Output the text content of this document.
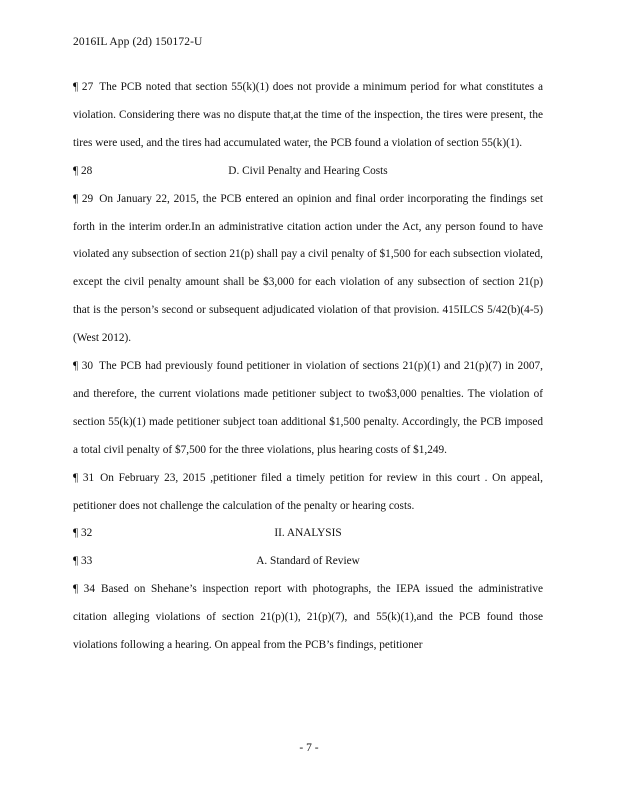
2016IL App (2d) 150172-U

¶ 27 The PCB noted that section 55(k)(1) does not provide a minimum period for what constitutes a violation. Considering there was no dispute that,at the time of the inspection, the tires were present, the tires were used, and the tires had accumulated water, the PCB found a violation of section 55(k)(1).

¶ 28	D. Civil Penalty and Hearing Costs

¶ 29 On January 22, 2015, the PCB entered an opinion and final order incorporating the findings set forth in the interim order.In an administrative citation action under the Act, any person found to have violated any subsection of section 21(p) shall pay a civil penalty of $1,500 for each subsection violated, except the civil penalty amount shall be $3,000 for each violation of any subsection of section 21(p) that is the person’s second or subsequent adjudicated violation of that provision. 415ILCS 5/42(b)(4-5) (West 2012).

¶ 30 The PCB had previously found petitioner in violation of sections 21(p)(1) and 21(p)(7) in 2007, and therefore, the current violations made petitioner subject to two$3,000 penalties. The violation of section 55(k)(1) made petitioner subject toan additional $1,500 penalty. Accordingly, the PCB imposed a total civil penalty of $7,500 for the three violations, plus hearing costs of $1,249.

¶ 31 On February 23, 2015 ,petitioner filed a timely petition for review in this court . On appeal, petitioner does not challenge the calculation of the penalty or hearing costs.

¶ 32	II. ANALYSIS
¶ 33	A. Standard of Review

¶ 34 Based on Shehane’s inspection report with photographs, the IEPA issued the administrative citation alleging violations of section 21(p)(1), 21(p)(7), and 55(k)(1),and the PCB found those violations following a hearing. On appeal from the PCB’s findings, petitioner

- 7 -
